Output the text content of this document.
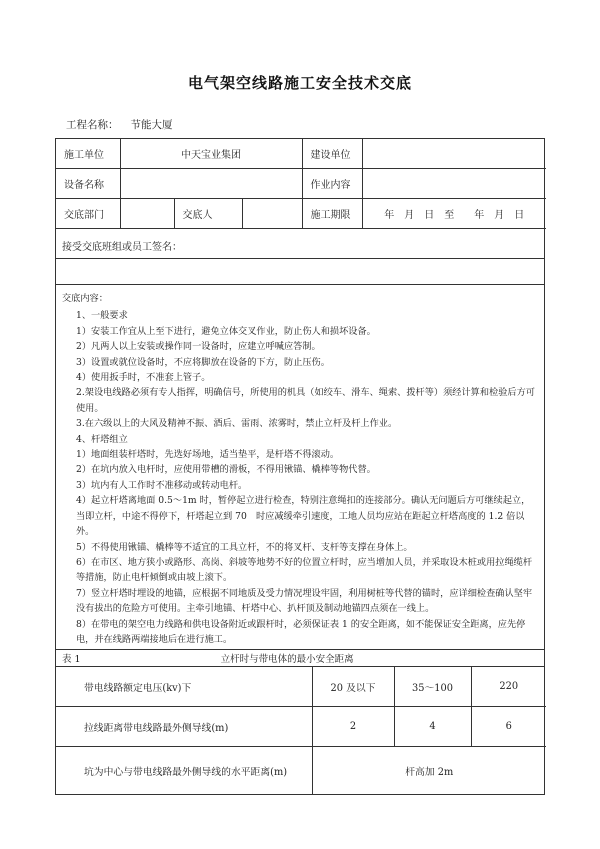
电气架空线路施工安全技术交底
工程名称： 节能大厦
施工单位	中天宝业集团			建设单位	
设备名称				作业内容	
交底部门		交底人		施工期限	年　月　日　至　　年　月　日
接受交底班组或员工签名：

交底内容：

1、一般要求

1）安装工作宜从上至下进行，避免立体交叉作业，防止伤人和损坏设备。

2）凡两人以上安装或操作同一设备时，应建立呼喊应答制。

3）设置或就位设备时，不应将脚放在设备的下方，防止压伤。

4）使用扳手时，不准套上管子。

2.架设电线路必须有专人指挥，明确信号，所使用的机具（如绞车、滑车、绳索、拨杆等）须经计算和检验后方可使用。

3.在六级以上的大风及精神不振、酒后、雷雨、浓雾时，禁止立杆及杆上作业。

4、杆塔组立

1）地面组装杆塔时，先选好场地，适当垫平，是杆塔不得滚动。

2）在坑内放入电杆时，应使用带槽的滑板，不得用锹锚、橇棒等物代替。

3）坑内有人工作时不准移动或转动电杆。

4）起立杆塔离地面 0.5～1m 时，暂停起立进行检查，特别注意绳扣的连接部分。确认无问题后方可继续起立，当即立杆，中途不得停下，杆塔起立到 70　时应减缓牵引速度，工地人员均应站在距起立杆塔高度的 1.2 倍以外。

5）不得使用锹锚、橇棒等不适宜的工具立杆，不的将叉杆、支杆等支撑在身体上。

6）在市区、地方狭小或路形、高岗、斜坡等地势不好的位置立杆时，应当增加人员，并采取设木桩或用拉绳缆杆等措施，防止电杆倾倒或由坡上滚下。

7）竖立杆塔时埋设的地锚，应根据不同地质及受力情况埋设牢固，利用树桩等代替的锚时，应详细检查确认坚牢没有拔出的危险方可使用。主牵引地锚、杆塔中心、扒杆顶及制动地锚四点须在一线上。

8）在带电的架空电力线路和供电设备附近或跟杆时，必须保证表 1 的安全距离，如不能保证安全距离，应先停电，并在线路两端接地后在进行施工。

表 1	立杆时与带电体的最小安全距离
带电线路额定电压(kv)下	20 及以下	35～100	220
拉线距离带电线路最外侧导线(m)	2	4	6
坑为中心与带电线路最外侧导线的水平距离(m)	杆高加 2m		
